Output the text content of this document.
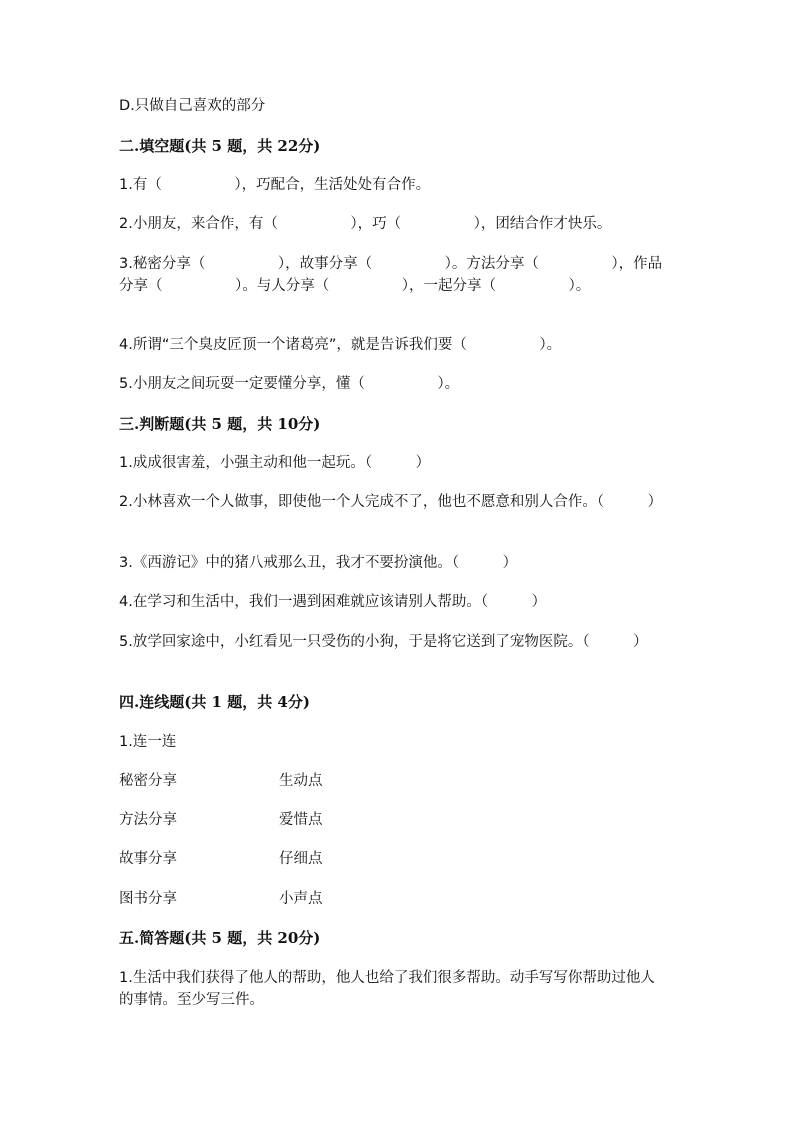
D.只做自己喜欢的部分
二.填空题(共 5 题，共 22分)
1.有（　　　　　），巧配合，生活处处有合作。
2.小朋友，来合作，有（　　　　　），巧（　　　　　），团结合作才快乐。
3.秘密分享（　　　　　），故事分享（　　　　　）。方法分享（　　　　　），作品分享（　　　　　）。与人分享（　　　　　），一起分享（　　　　　）。
4.所谓“三个臭皮匠顶一个诸葛亮”，就是告诉我们要（　　　　　）。
5.小朋友之间玩耍一定要懂分享，懂（　　　　　）。
三.判断题(共 5 题，共 10分)
1.成成很害羞，小强主动和他一起玩。（　　　）
2.小林喜欢一个人做事，即使他一个人完成不了，他也不愿意和别人合作。（　　　）
3.《西游记》中的猪八戒那么丑，我才不要扮演他。（　　　）
4.在学习和生活中，我们一遇到困难就应该请别人帮助。（　　　）
5.放学回家途中，小红看见一只受伤的小狗，于是将它送到了宠物医院。（　　　）
四.连线题(共 1 题，共 4分)
1.连一连
秘密分享	生动点
方法分享	爱惜点
故事分享	仔细点
图书分享	小声点
五.简答题(共 5 题，共 20分)
1.生活中我们获得了他人的帮助，他人也给了我们很多帮助。动手写写你帮助过他人的事情。至少写三件。
